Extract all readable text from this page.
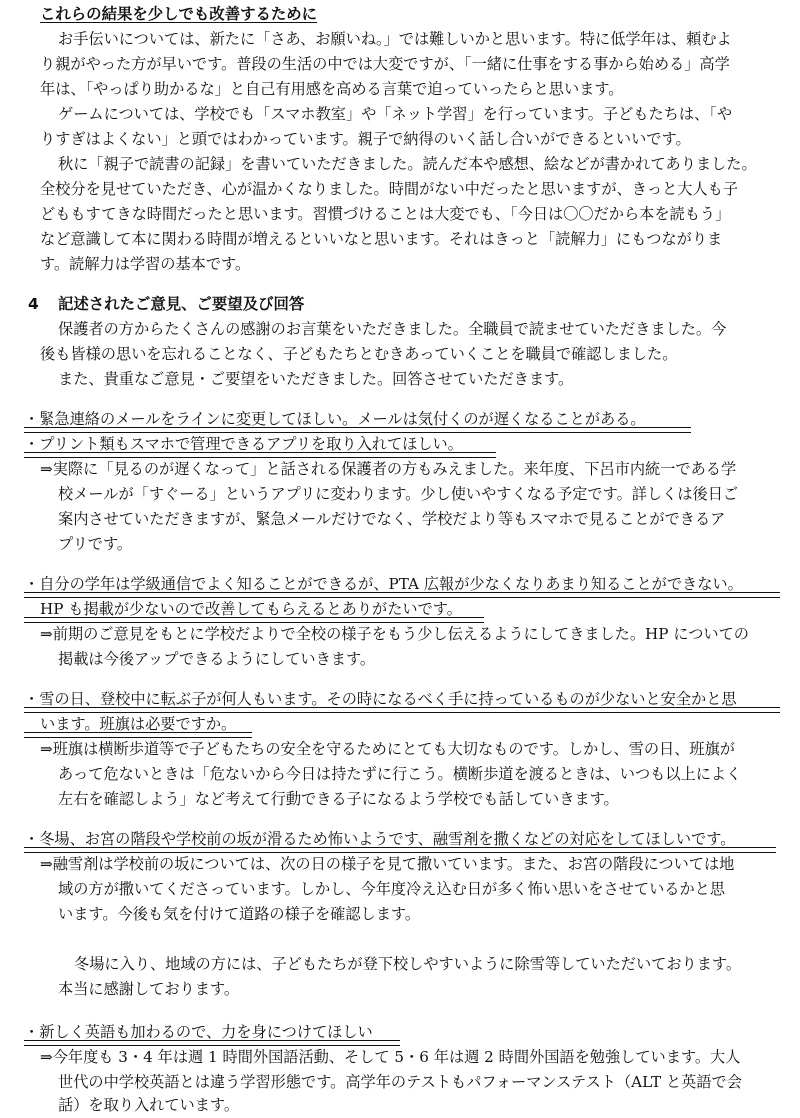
これらの結果を少しでも改善するために
お手伝いについては、新たに「さあ、お願いね。」では難しいかと思います。特に低学年は、頼むよ
り親がやった方が早いです。普段の生活の中では大変ですが、「一緒に仕事をする事から始める」高学
年は、「やっぱり助かるな」と自己有用感を高める言葉で迫っていったらと思います。
ゲームについては、学校でも「スマホ教室」や「ネット学習」を行っています。子どもたちは、「や
りすぎはよくない」と頭ではわかっています。親子で納得のいく話し合いができるといいです。
秋に「親子で読書の記録」を書いていただきました。読んだ本や感想、絵などが書かれてありました。
全校分を見せていただき、心が温かくなりました。時間がない中だったと思いますが、きっと大人も子
どももすてきな時間だったと思います。習慣づけることは大変でも、「今日は〇〇だから本を読もう」
など意識して本に関わる時間が増えるといいなと思います。それはきっと「読解力」にもつながりま
す。読解力は学習の基本です。
4 記述されたご意見、ご要望及び回答
保護者の方からたくさんの感謝のお言葉をいただきました。全職員で読ませていただきました。今
後も皆様の思いを忘れることなく、子どもたちとむきあっていくことを職員で確認しました。
また、貴重なご意見・ご要望をいただきました。回答させていただきます。
・緊急連絡のメールをラインに変更してほしい。メールは気付くのが遅くなることがある。
・プリント類もスマホで管理できるアプリを取り入れてほしい。
⇒実際に「見るのが遅くなって」と話される保護者の方もみえました。来年度、下呂市内統一である学
校メールが「すぐーる」というアプリに変わります。少し使いやすくなる予定です。詳しくは後日ご
案内させていただきますが、緊急メールだけでなく、学校だより等もスマホで見ることができるア
プリです。
・自分の学年は学級通信でよく知ることができるが、PTA 広報が少なくなりあまり知ることができない。
HP も掲載が少ないので改善してもらえるとありがたいです。
⇒前期のご意見をもとに学校だよりで全校の様子をもう少し伝えるようにしてきました。HP についての
掲載は今後アップできるようにしていきます。
・雪の日、登校中に転ぶ子が何人もいます。その時になるべく手に持っているものが少ないと安全かと思
います。班旗は必要ですか。
⇒班旗は横断歩道等で子どもたちの安全を守るためにとても大切なものです。しかし、雪の日、班旗が
あって危ないときは「危ないから今日は持たずに行こう。横断歩道を渡るときは、いつも以上によく
左右を確認しよう」など考えて行動できる子になるよう学校でも話していきます。
・冬場、お宮の階段や学校前の坂が滑るため怖いようです、融雪剤を撒くなどの対応をしてほしいです。
⇒融雪剤は学校前の坂については、次の日の様子を見て撒いています。また、お宮の階段については地
域の方が撒いてくださっています。しかし、今年度冷え込む日が多く怖い思いをさせているかと思
います。今後も気を付けて道路の様子を確認します。
冬場に入り、地域の方には、子どもたちが登下校しやすいように除雪等していただいております。
本当に感謝しております。
・新しく英語も加わるので、力を身につけてほしい
⇒今年度も 3・4 年は週 1 時間外国語活動、そして 5・6 年は週 2 時間外国語を勉強しています。大人
世代の中学校英語とは違う学習形態です。高学年のテストもパフォーマンステスト（ALT と英語で会
話）を取り入れています。
